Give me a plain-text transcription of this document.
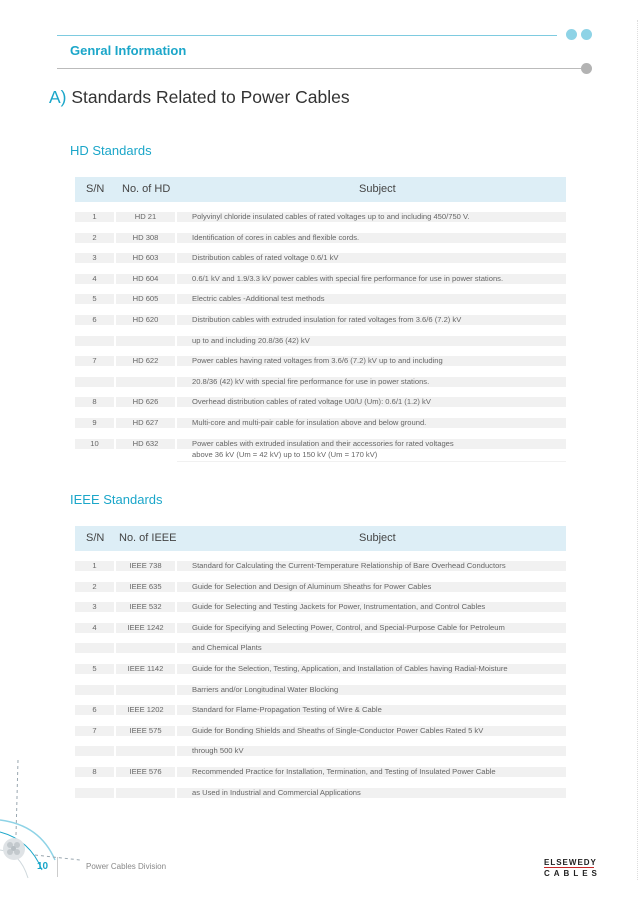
Genral Information
A) Standards Related to Power Cables
HD Standards
S/N No. of HD	Subject
1	HD 21	Polyvinyl chloride insulated cables of rated voltages up to and including 450/750 V.
2	HD 308	Identification of cores in cables and flexible cords.
3	HD 603	Distribution cables of rated voltage 0.6/1 kV
4	HD 604	0.6/1 kV and 1.9/3.3 kV power cables with special fire performance for use in power stations.
5	HD 605	Electric cables -Additional test methods
6	HD 620	Distribution cables with extruded insulation for rated voltages from 3.6/6 (7.2) kV
up to and including 20.8/36 (42) kV
7	HD 622	Power cables having rated voltages from 3.6/6 (7.2) kV up to and including
20.8/36 (42) kV with special fire performance for use in power stations.
8	HD 626	Overhead distribution cables of rated voltage U0/U (Um): 0.6/1 (1.2) kV
9	HD 627	Multi-core and multi-pair cable for insulation above and below ground.
10	HD 632	Power cables with extruded insulation and their accessories for rated voltages
above 36 kV (Um = 42 kV) up to 150 kV (Um = 170 kV)
IEEE Standards
S/N No. of IEEE	Subject
1	IEEE 738	Standard for Calculating the Current-Temperature Relationship of Bare Overhead Conductors
2	IEEE 635	Guide for Selection and Design of Aluminum Sheaths for Power Cables
3	IEEE 532	Guide for Selecting and Testing Jackets for Power, Instrumentation, and Control Cables
4	IEEE 1242	Guide for Specifying and Selecting Power, Control, and Special-Purpose Cable for Petroleum
and Chemical Plants
5	IEEE 1142	Guide for the Selection, Testing, Application, and Installation of Cables having Radial-Moisture
Barriers and/or Longitudinal Water Blocking
6	IEEE 1202	Standard for Flame-Propagation Testing of Wire & Cable
7	IEEE 575	Guide for Bonding Shields and Sheaths of Single-Conductor Power Cables Rated 5 kV
through 500 kV
8	IEEE 576	Recommended Practice for Installation, Termination, and Testing of Insulated Power Cable
as Used in Industrial and Commercial Applications
10	Power Cables Division	ELSEWEDY
CABLES
